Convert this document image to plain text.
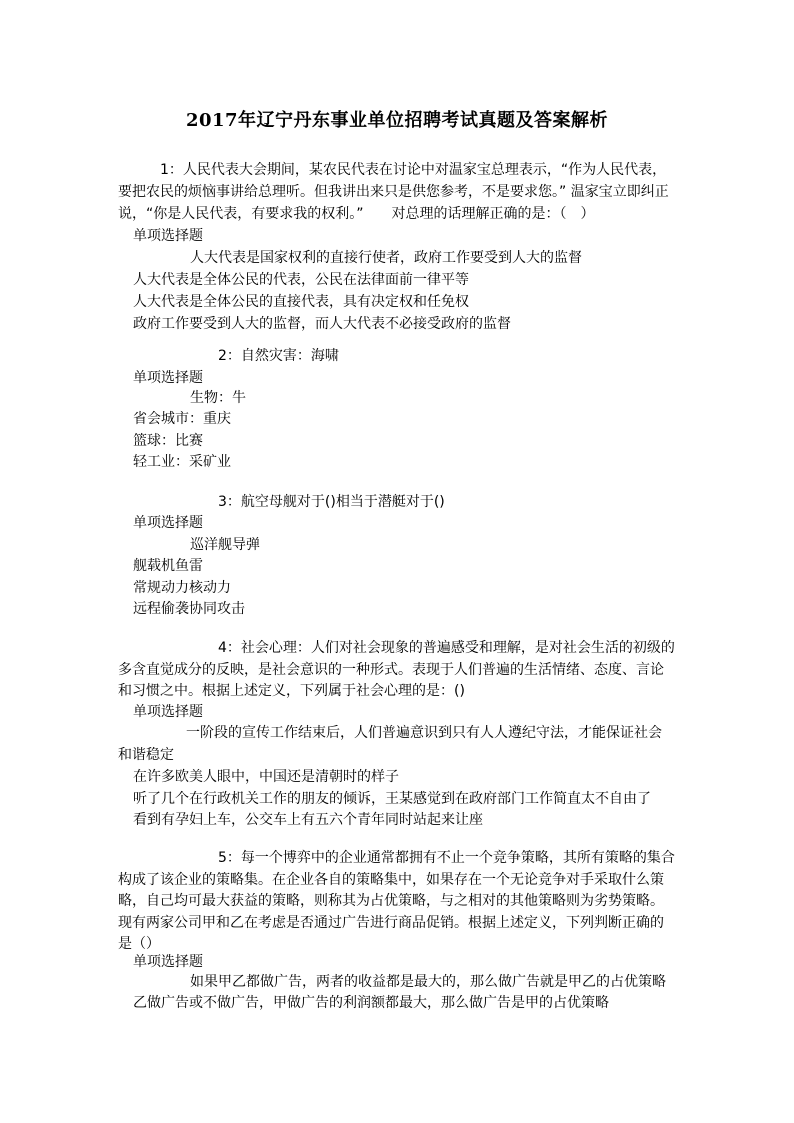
2017年辽宁丹东事业单位招聘考试真题及答案解析
1：人民代表大会期间，某农民代表在讨论中对温家宝总理表示，“作为人民代表，
要把农民的烦恼事讲给总理听。但我讲出来只是供您参考，不是要求您。” 温家宝立即纠正
说，“你是人民代表，有要求我的权利。”　　对总理的话理解正确的是：（　）
单项选择题
人大代表是国家权利的直接行使者，政府工作要受到人大的监督
人大代表是全体公民的代表，公民在法律面前一律平等
人大代表是全体公民的直接代表，具有决定权和任免权
政府工作要受到人大的监督，而人大代表不必接受政府的监督
2：自然灾害：海啸
单项选择题
生物：牛
省会城市：重庆
篮球：比赛
轻工业：采矿业
3：航空母舰对于()相当于潜艇对于()
单项选择题
巡洋舰导弹
舰载机鱼雷
常规动力核动力
远程偷袭协同攻击
4：社会心理：人们对社会现象的普遍感受和理解，是对社会生活的初级的
多含直觉成分的反映，是社会意识的一种形式。表现于人们普遍的生活情绪、态度、言论
和习惯之中。根据上述定义，下列属于社会心理的是：()
单项选择题
一阶段的宣传工作结束后，人们普遍意识到只有人人遵纪守法，才能保证社会
和谐稳定
在许多欧美人眼中，中国还是清朝时的样子
听了几个在行政机关工作的朋友的倾诉，王某感觉到在政府部门工作简直太不自由了
看到有孕妇上车，公交车上有五六个青年同时站起来让座
5：每一个博弈中的企业通常都拥有不止一个竞争策略，其所有策略的集合
构成了该企业的策略集。在企业各自的策略集中，如果存在一个无论竞争对手采取什么策
略，自己均可最大获益的策略，则称其为占优策略，与之相对的其他策略则为劣势策略。
现有两家公司甲和乙在考虑是否通过广告进行商品促销。根据上述定义，下列判断正确的
是（）
单项选择题
如果甲乙都做广告，两者的收益都是最大的，那么做广告就是甲乙的占优策略
乙做广告或不做广告，甲做广告的利润额都最大，那么做广告是甲的占优策略
